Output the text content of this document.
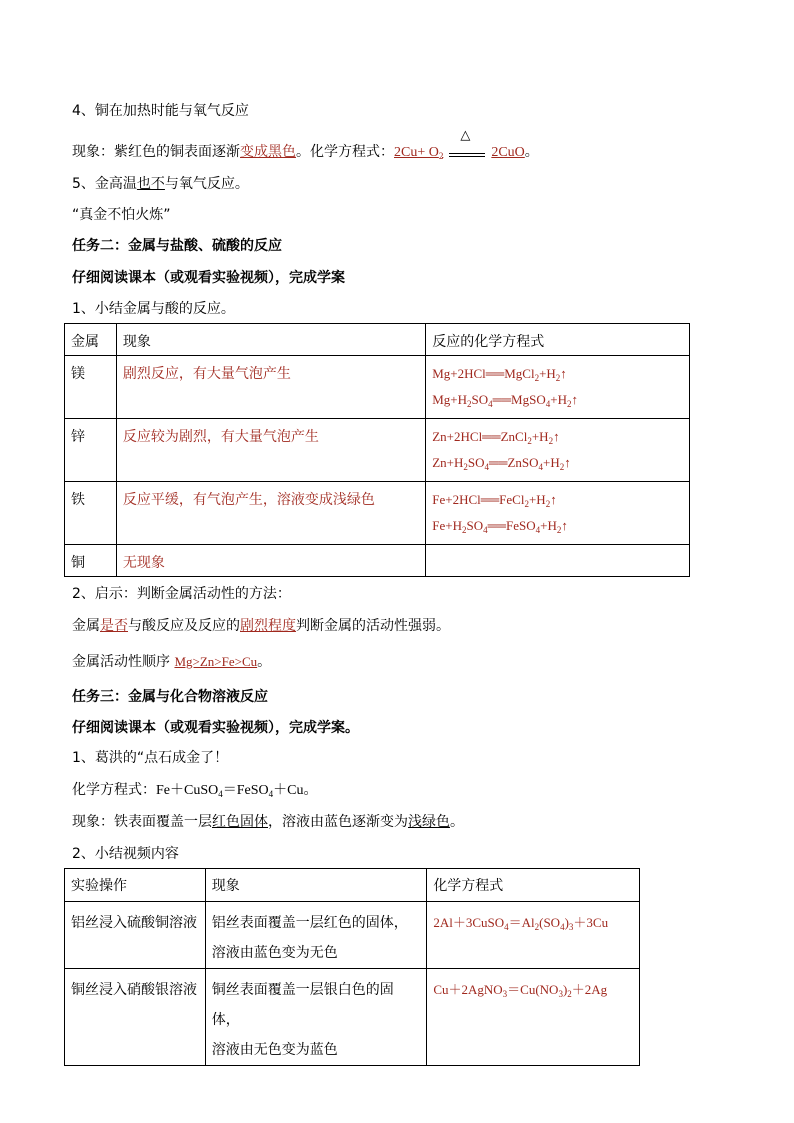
4、铜在加热时能与氧气反应
现象：紫红色的铜表面逐渐变成黑色。化学方程式：$2Cu+ O_2$
△
2CuO。
5、金高温也不与氧气反应。
“真金不怕火炼”
任务二：金属与盐酸、硫酸的反应
仔细阅读课本（或观看实验视频），完成学案
1、小结金属与酸的反应。
金属	现象	反应的化学方程式
镁	剧烈反应，有大量气泡产生	$Mg+2HCl══MgCl_2+H_2↑$
$Mg+H_2SO_4══MgSO_4+H_2↑$

锌	反应较为剧烈，有大量气泡产生	$Zn+2HCl══ZnCl_2+H_2↑$
$Zn+H_2SO_4══ZnSO_4+H_2↑$

铁	反应平缓，有气泡产生，溶液变成浅绿色	$Fe+2HCl══FeCl_2+H_2↑$
$Fe+H_2SO_4══FeSO_4+H_2↑$

铜	无现象	
2、启示：判断金属活动性的方法：
金属是否与酸反应及反应的剧烈程度判断金属的活动性强弱。
金属活动性顺序 Mg>Zn>Fe>Cu。
任务三：金属与化合物溶液反应
仔细阅读课本（或观看实验视频），完成学案。
1、葛洪的“点石成金了！
化学方程式：Fe＋CuSO$_4$＝FeSO$_4$＋Cu。
现象：铁表面覆盖一层红色固体，溶液由蓝色逐渐变为浅绿色。
2、小结视频内容
实验操作	现象	化学方程式
铝丝浸入硫酸铜溶液	铝丝表面覆盖一层红色的固体，
溶液由蓝色变为无色	$2Al+3CuSO_4=Al_2(SO_4)_3+3Cu$

铜丝浸入硝酸银溶液	铜丝表面覆盖一层银白色的固体，
溶液由无色变为蓝色	$Cu+2AgNO_3=Cu(NO_3)_2+2Ag$
